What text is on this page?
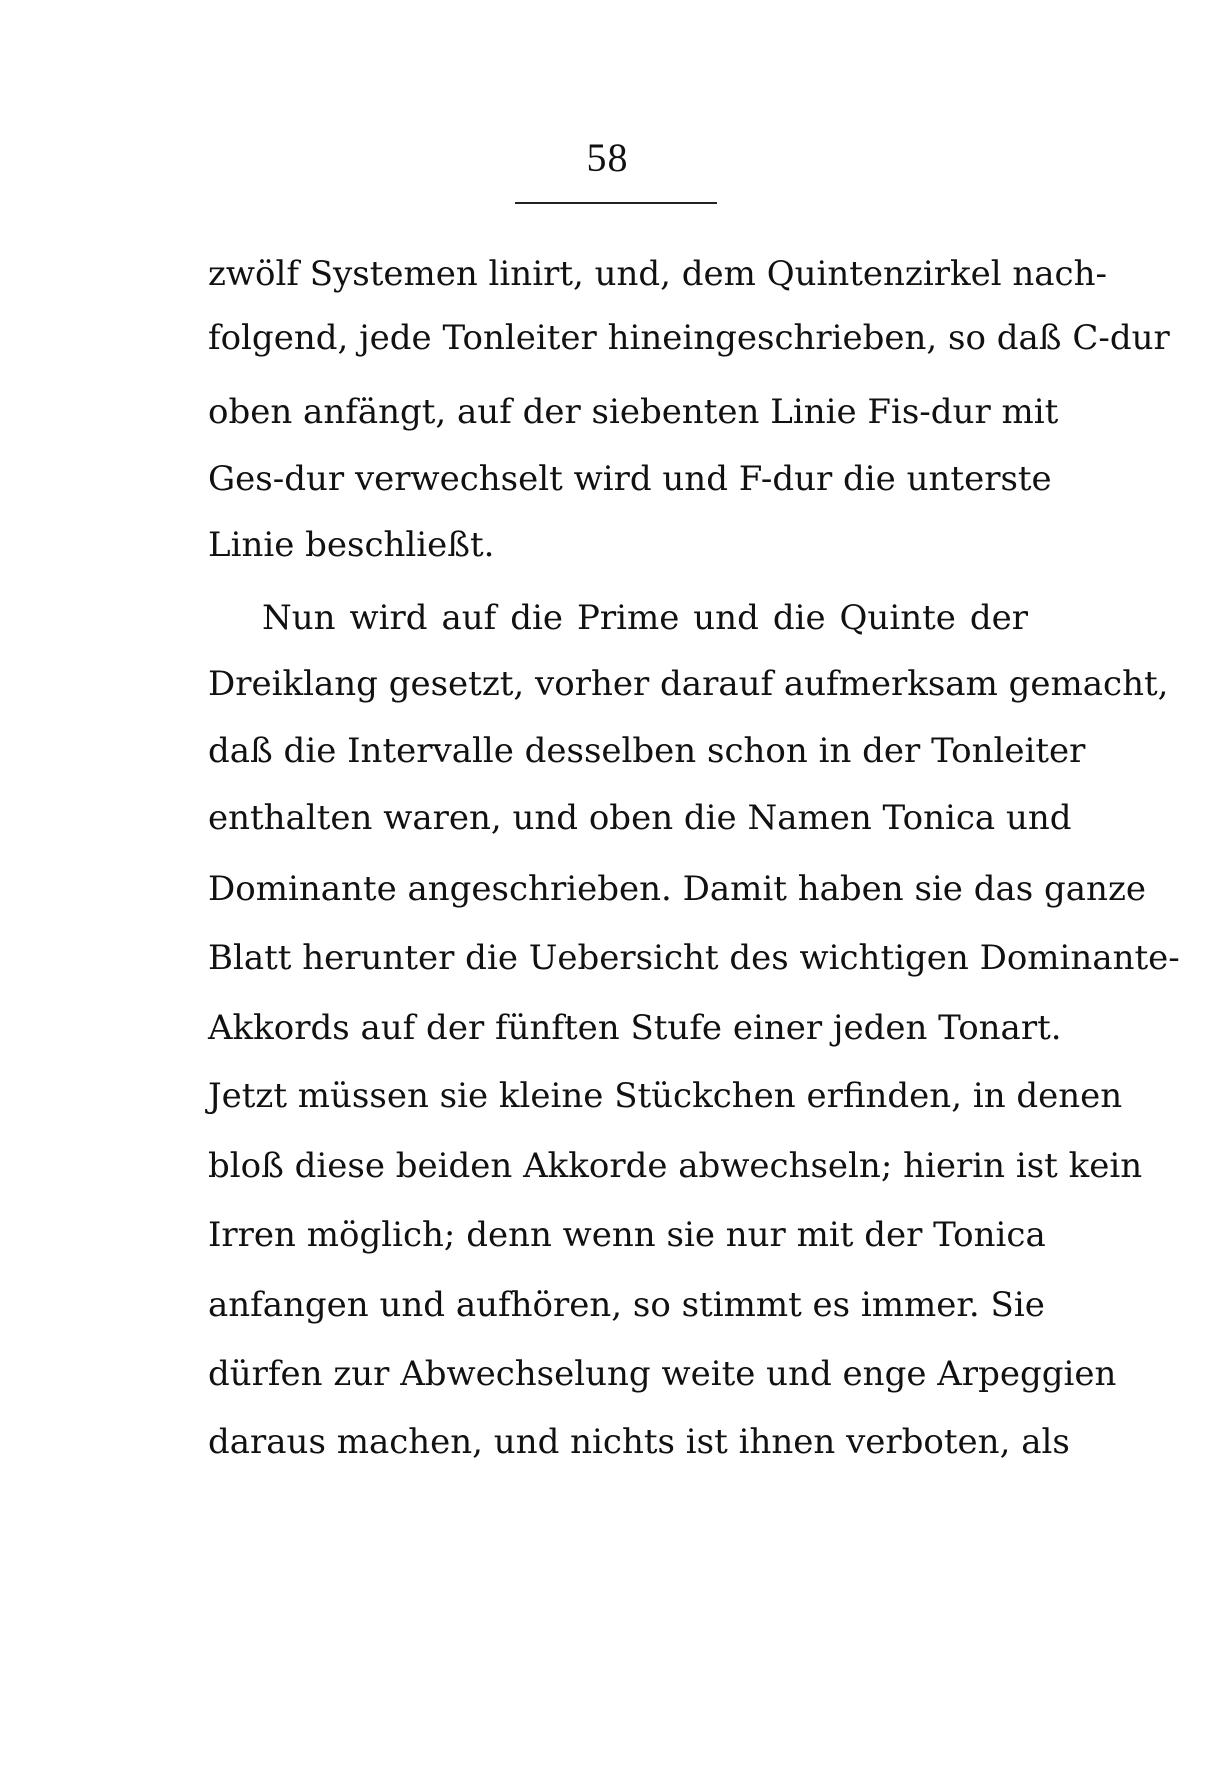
58
zwölf Systemen linirt, und, dem Quintenzirkel nach-
folgend, jede Tonleiter hineingeschrieben, so daß C-dur
oben anfängt, auf der siebenten Linie Fis-dur mit
Ges-dur verwechselt wird und F-dur die unterste
Linie beschließt.
Nun wird auf die Prime und die Quinte der
Dreiklang gesetzt, vorher darauf aufmerksam gemacht,
daß die Intervalle desselben schon in der Tonleiter
enthalten waren, und oben die Namen Tonica und
Dominante angeschrieben. Damit haben sie das ganze
Blatt herunter die Uebersicht des wichtigen Dominante-
Akkords auf der fünften Stufe einer jeden Tonart.
Jetzt müssen sie kleine Stückchen erfinden, in denen
bloß diese beiden Akkorde abwechseln; hierin ist kein
Irren möglich; denn wenn sie nur mit der Tonica
anfangen und aufhören, so stimmt es immer. Sie
dürfen zur Abwechselung weite und enge Arpeggien
daraus machen, und nichts ist ihnen verboten, als
